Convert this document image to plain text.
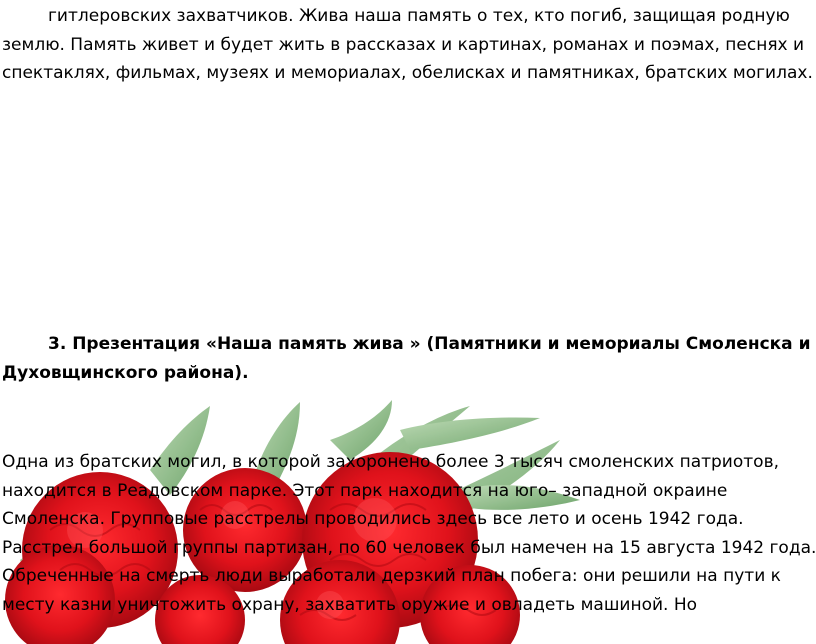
гитлеровских захватчиков. Жива наша память о тех, кто погиб, защищая родную
землю. Память живет и будет жить в рассказах и картинах, романах и поэмах, песнях и
спектаклях, фильмах, музеях и мемориалах, обелисках и памятниках, братских могилах.

3. Презентация «Наша память жива » (Памятники и мемориалы Смоленска и
Духовщинского района).

Одна из братских могил, в которой захоронено более 3 тысяч смоленских патриотов,
находится в Реадовском парке. Этот парк находится на юго– западной окраине
Смоленска. Групповые расстрелы проводились здесь все лето и осень 1942 года.
Расстрел большой группы партизан, по 60 человек был намечен на 15 августа 1942 года.
Обреченные на смерть люди выработали дерзкий план побега: они решили на пути к
месту казни уничтожить охрану, захватить оружие и овладеть машиной. Но
